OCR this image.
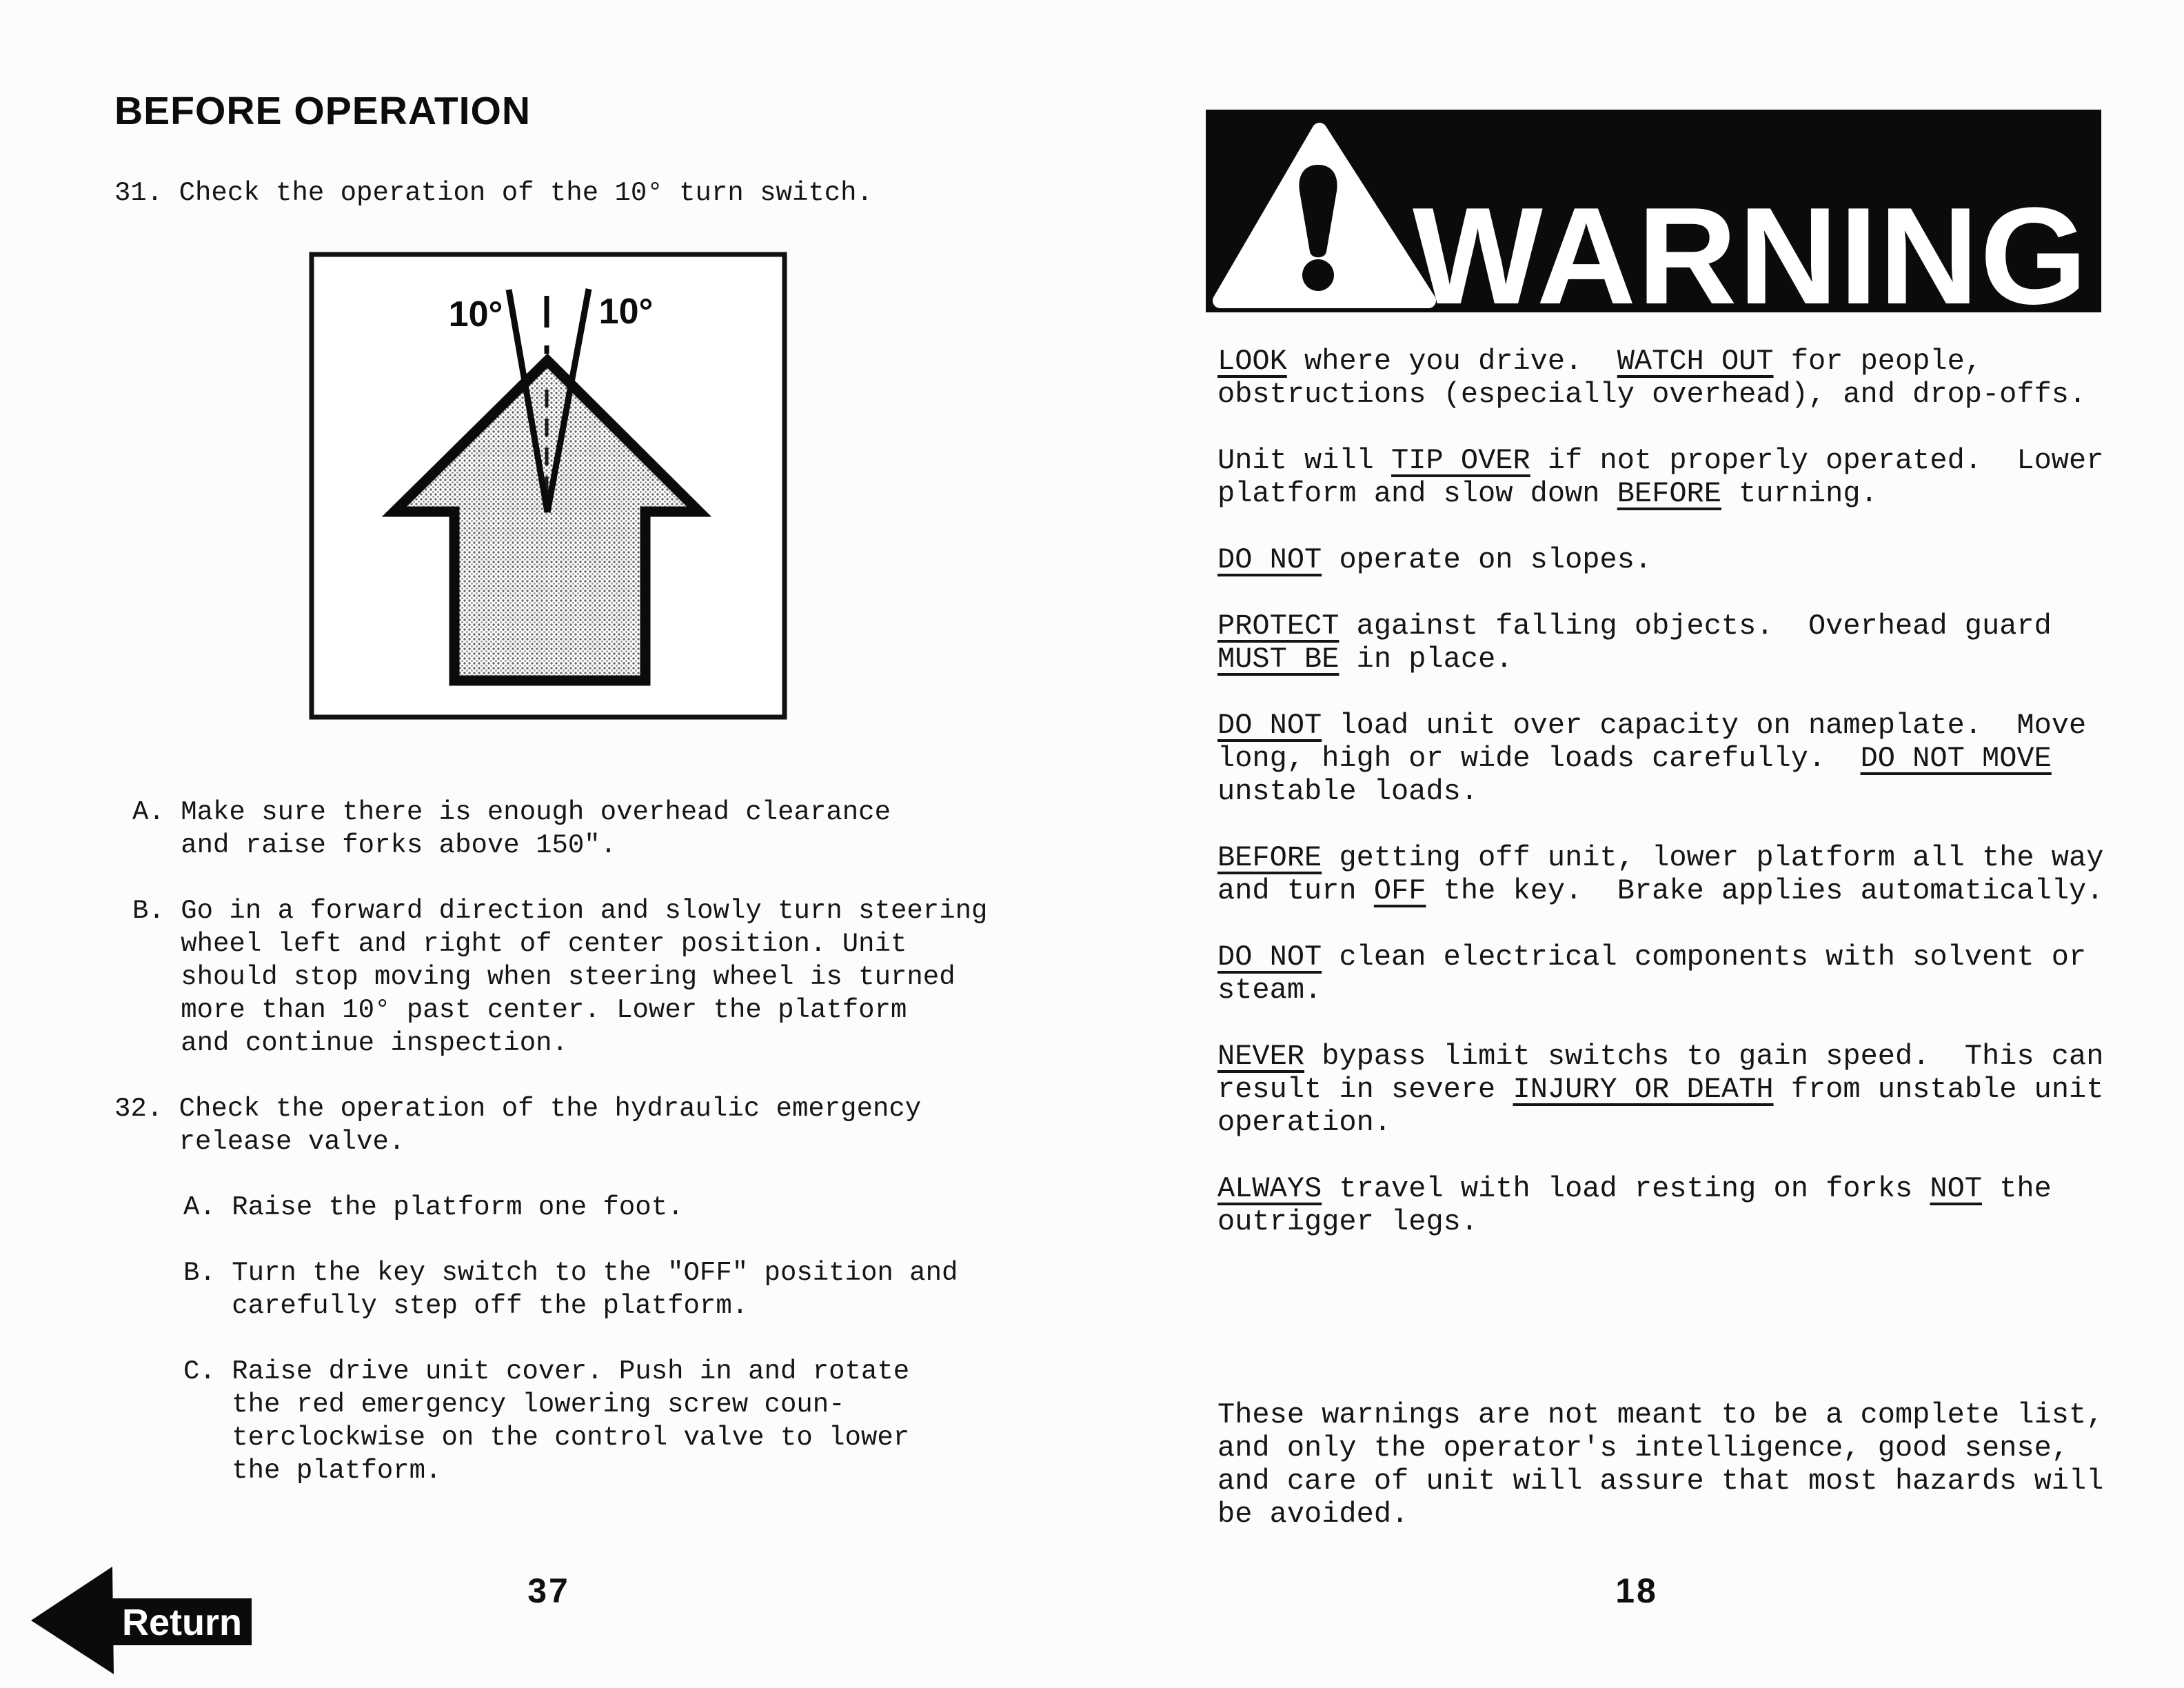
BEFORE OPERATION
31. Check the operation of the 10° turn switch.
10°	10°
A. Make sure there is enough overhead clearance
and raise forks above 150".
B. Go in a forward direction and slowly turn steering
wheel left and right of center position. Unit
should stop moving when steering wheel is turned
more than 10° past center. Lower the platform
and continue inspection.
32. Check the operation of the hydraulic emergency
release valve.
A. Raise the platform one foot.
B. Turn the key switch to the "OFF" position and
carefully step off the platform.
C. Raise drive unit cover. Push in and rotate
the red emergency lowering screw coun-
terclockwise on the control valve to lower
the platform.
Return
37
WARNING
LOOK where you drive.  WATCH OUT for people,
obstructions (especially overhead), and drop-offs.
Unit will TIP OVER if not properly operated.  Lower
platform and slow down BEFORE turning.
DO NOT operate on slopes.
PROTECT against falling objects.  Overhead guard
MUST BE in place.
DO NOT load unit over capacity on nameplate.  Move
long, high or wide loads carefully.  DO NOT MOVE
unstable loads.
BEFORE getting off unit, lower platform all the way
and turn OFF the key.  Brake applies automatically.
DO NOT clean electrical components with solvent or
steam.
NEVER bypass limit switchs to gain speed.  This can
result in severe INJURY OR DEATH from unstable unit
operation.
ALWAYS travel with load resting on forks NOT the
outrigger legs.
These warnings are not meant to be a complete list,
and only the operator's intelligence, good sense,
and care of unit will assure that most hazards will
be avoided.
18
